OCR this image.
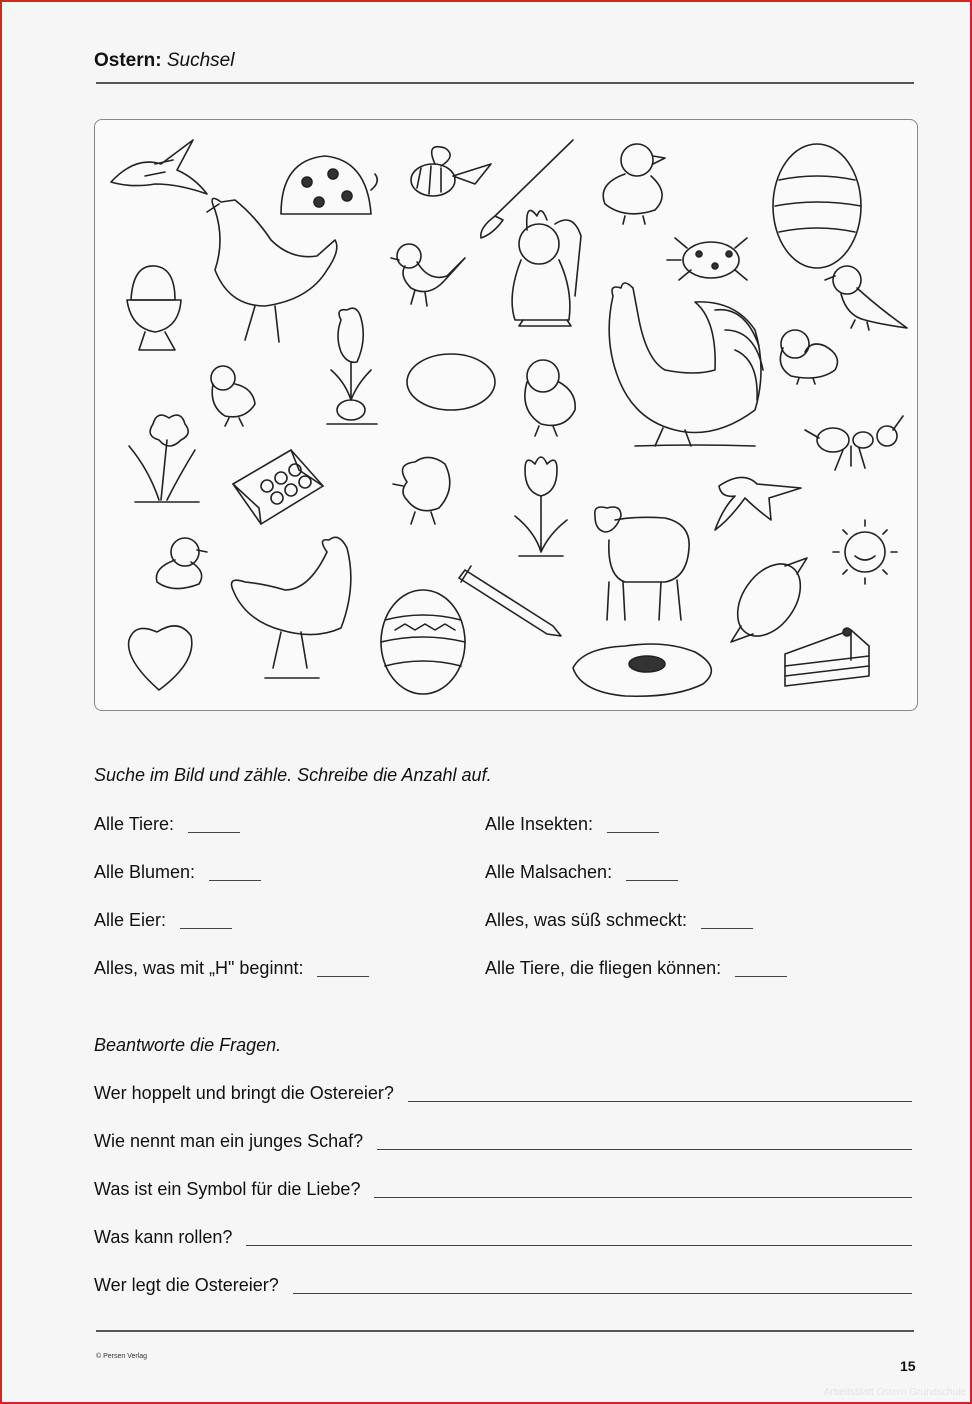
Ostern: Suchsel
Suche im Bild und zähle. Schreibe die Anzahl auf.
Alle Tiere:
Alle Blumen:
Alle Eier:
Alles, was mit „H" beginnt:
Alle Insekten:
Alle Malsachen:
Alles, was süß schmeckt:
Alle Tiere, die fliegen können:
Beantworte die Fragen.
Wer hoppelt und bringt die Ostereier?
Wie nennt man ein junges Schaf?
Was ist ein Symbol für die Liebe?
Was kann rollen?
Wer legt die Ostereier?
© Persen Verlag
15
Arbeitsblatt Ostern Grundschule
